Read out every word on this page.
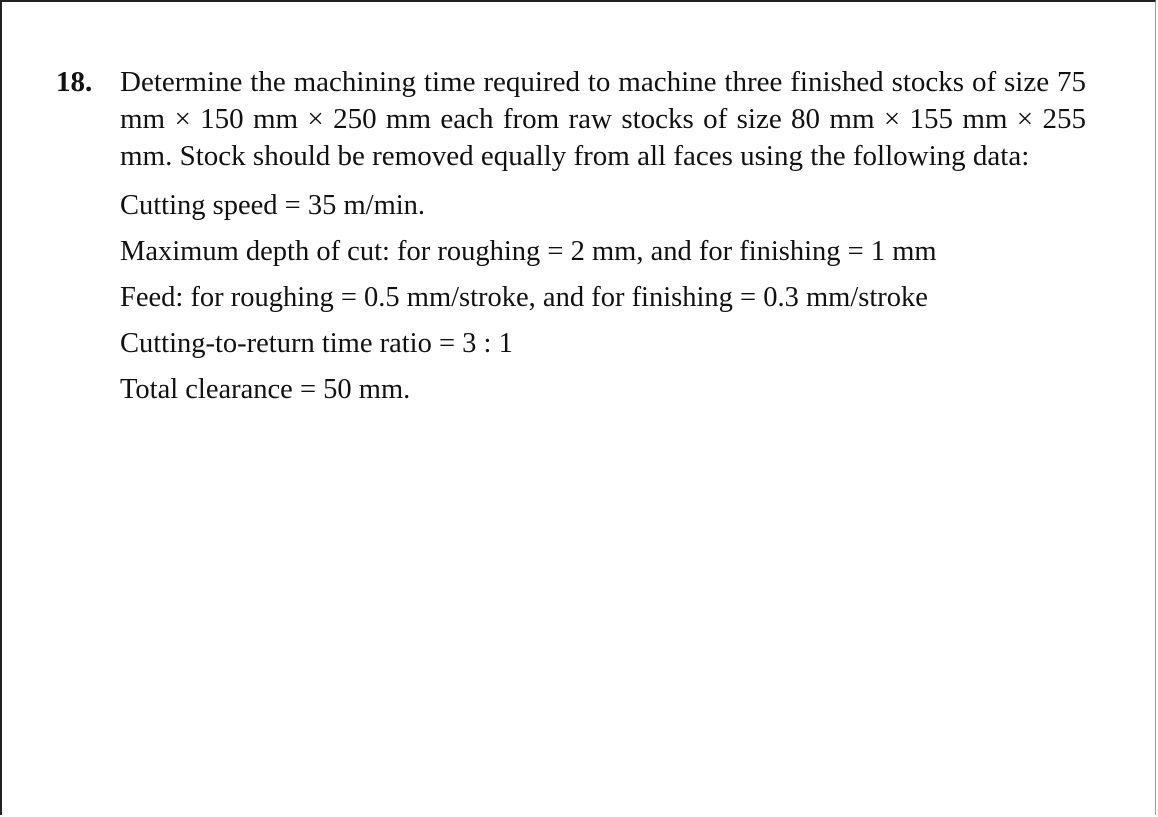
18. Determine the machining time required to machine three finished stocks of size 75 mm × 150 mm × 250 mm each from raw stocks of size 80 mm × 155 mm × 255 mm. Stock should be removed equally from all faces using the following data:
Cutting speed = 35 m/min.
Maximum depth of cut: for roughing = 2 mm, and for finishing = 1 mm
Feed: for roughing = 0.5 mm/stroke, and for finishing = 0.3 mm/stroke
Cutting-to-return time ratio = 3 : 1
Total clearance = 50 mm.
